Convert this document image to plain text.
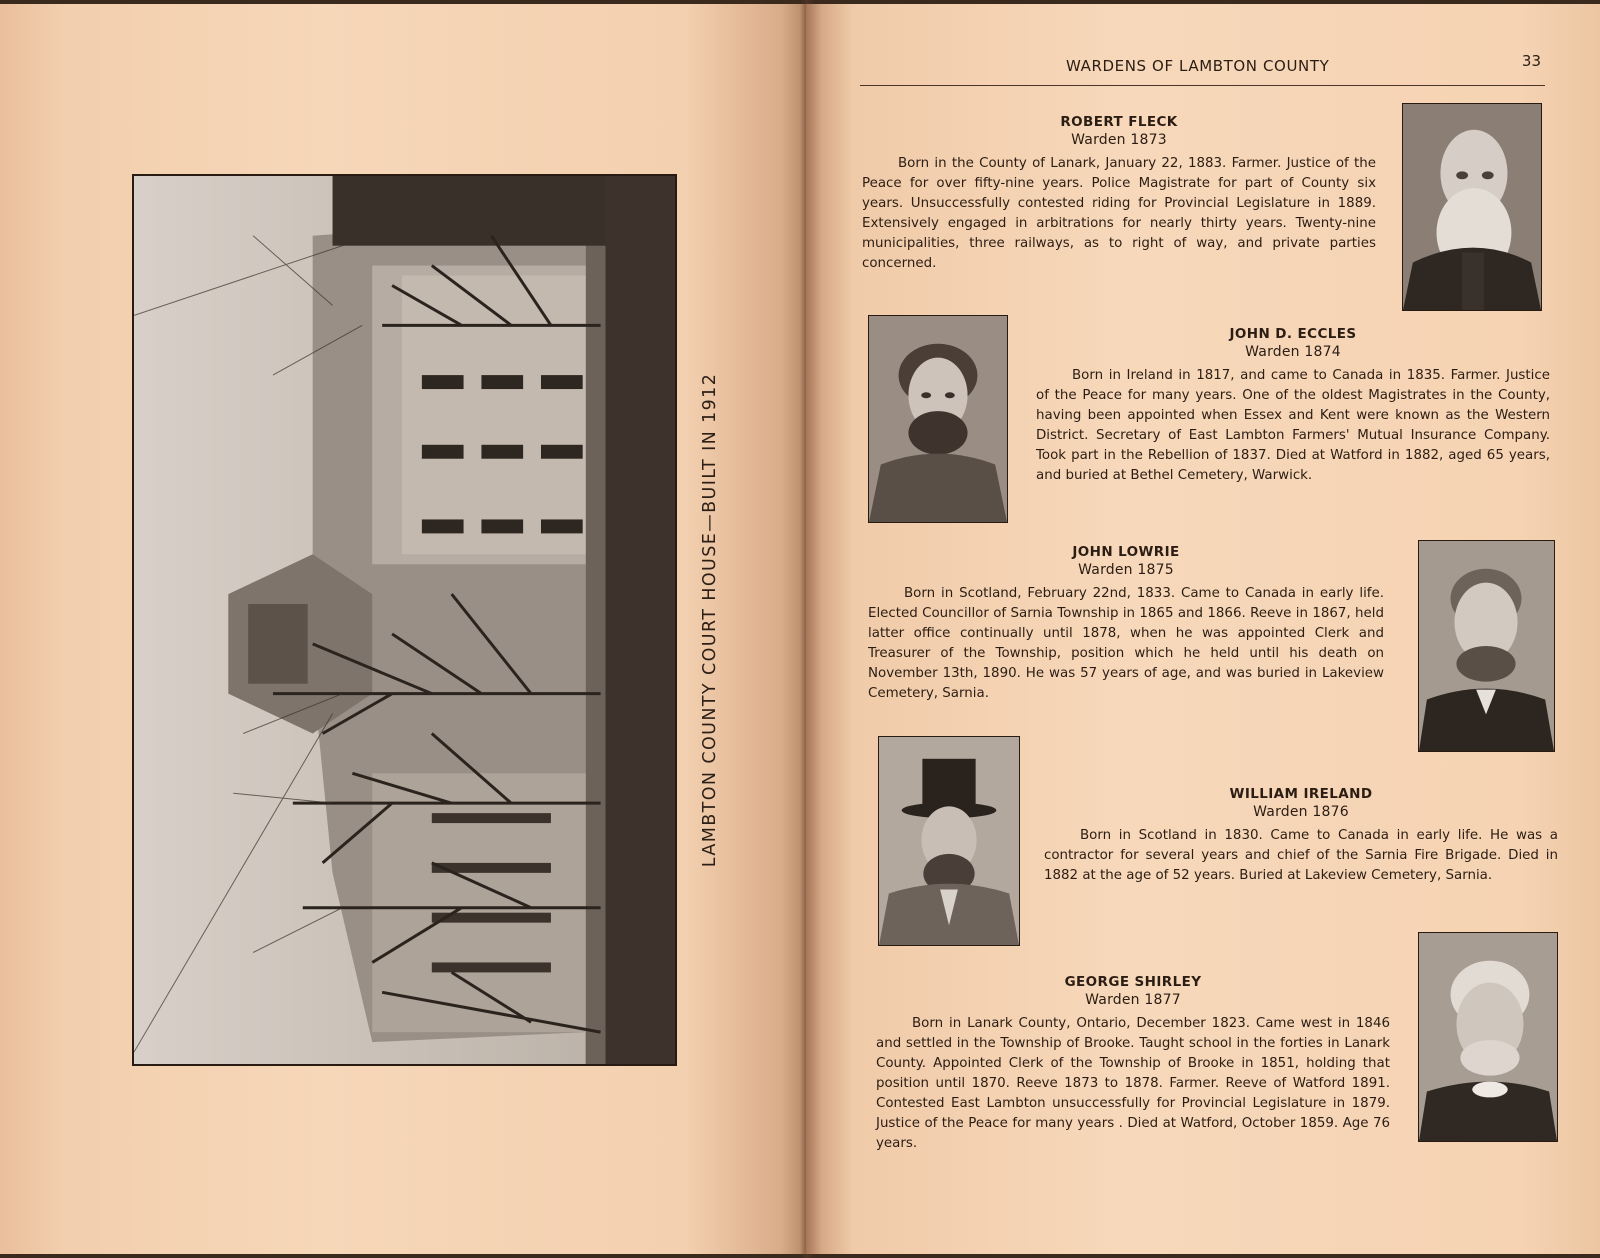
LAMBTON COUNTY COURT HOUSE—BUILT IN 1912
WARDENS OF LAMBTON COUNTY	33
ROBERT FLECK
Warden 1873

Born in the County of Lanark, January 22, 1883. Farmer. Justice of the Peace for over fifty-nine years. Police Magistrate for part of County six years. Unsuccessfully contested riding for Provincial Legislature in 1889. Extensively engaged in arbitrations for nearly thirty years. Twenty-nine municipalities, three railways, as to right of way, and private parties concerned.

JOHN D. ECCLES
Warden 1874

Born in Ireland in 1817, and came to Canada in 1835. Farmer. Justice of the Peace for many years. One of the oldest Magistrates in the County, having been appointed when Essex and Kent were known as the Western District. Secretary of East Lambton Farmers' Mutual Insurance Company. Took part in the Rebellion of 1837. Died at Watford in 1882, aged 65 years, and buried at Bethel Cemetery, Warwick.

JOHN LOWRIE
Warden 1875

Born in Scotland, February 22nd, 1833. Came to Canada in early life. Elected Councillor of Sarnia Township in 1865 and 1866. Reeve in 1867, held latter office continually until 1878, when he was appointed Clerk and Treasurer of the Township, position which he held until his death on November 13th, 1890. He was 57 years of age, and was buried in Lakeview Cemetery, Sarnia.

WILLIAM IRELAND
Warden 1876

Born in Scotland in 1830. Came to Canada in early life. He was a contractor for several years and chief of the Sarnia Fire Brigade. Died in 1882 at the age of 52 years. Buried at Lakeview Cemetery, Sarnia.

GEORGE SHIRLEY
Warden 1877

Born in Lanark County, Ontario, December 1823. Came west in 1846 and settled in the Township of Brooke. Taught school in the forties in Lanark County. Appointed Clerk of the Township of Brooke in 1851, holding that position until 1870. Reeve 1873 to 1878. Farmer. Reeve of Watford 1891. Contested East Lambton unsuccessfully for Provincial Legislature in 1879. Justice of the Peace for many years . Died at Watford, October 1859. Age 76 years.
